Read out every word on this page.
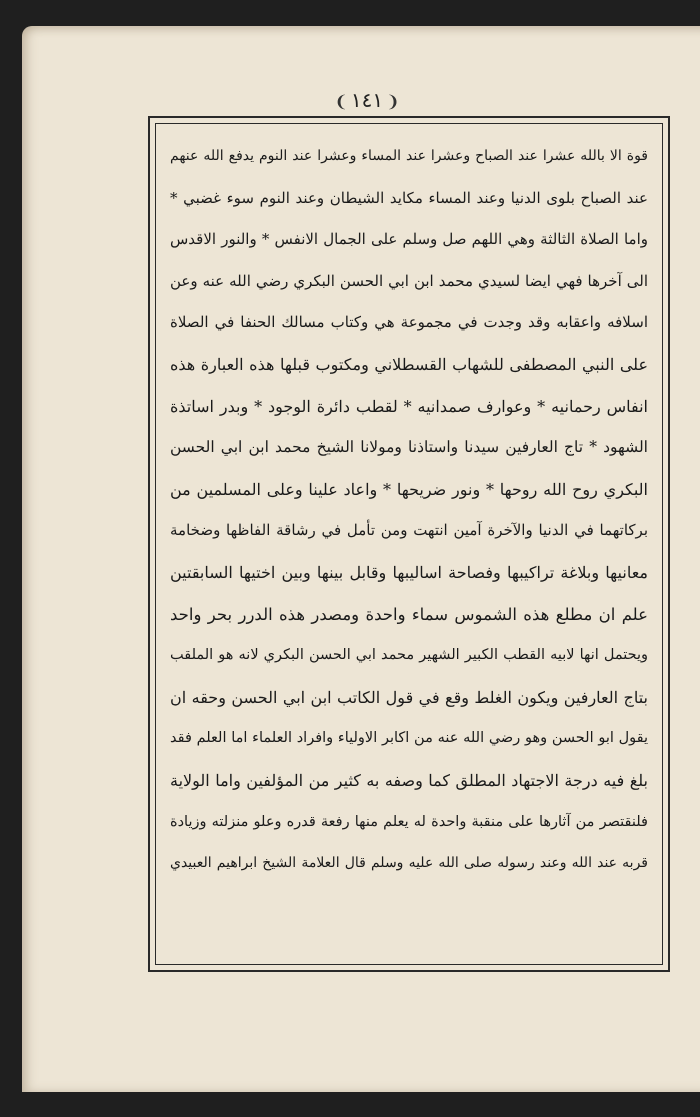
❨ ١٤١ ❩
قوة الا بالله عشرا عند الصباح وعشرا عند المساء وعشرا عند النوم يدفع الله عنهم
عند الصباح بلوى الدنيا وعند المساء مكايد الشيطان وعند النوم سوء غضبي *
واما الصلاة الثالثة وهي اللهم صل وسلم على الجمال الانفس * والنور الاقدس
الى آخرها فهي ايضا لسيدي محمد ابن ابي الحسن البكري رضي الله عنه وعن
اسلافه واعقابه وقد وجدت في مجموعة هي وكتاب مسالك الحنفا في الصلاة
على النبي المصطفى للشهاب القسطلاني ومكتوب قبلها هذه العبارة هذه
انفاس رحمانيه * وعوارف صمدانيه * لقطب دائرة الوجود * وبدر اساتذة
الشهود * تاج العارفين سيدنا واستاذنا ومولانا الشيخ محمد ابن ابي الحسن
البكري روح الله روحها * ونور ضريحها * واعاد علينا وعلى المسلمين من
بركاتهما في الدنيا والآخرة آمين انتهت ومن تأمل في رشاقة الفاظها وضخامة
معانيها وبلاغة تراكيبها وفصاحة اساليبها وقابل بينها وبين اختيها السابقتين
علم ان مطلع هذه الشموس سماء واحدة ومصدر هذه الدرر بحر واحد
ويحتمل انها لابيه القطب الكبير الشهير محمد ابي الحسن البكري لانه هو الملقب
بتاج العارفين ويكون الغلط وقع في قول الكاتب ابن ابي الحسن وحقه ان
يقول ابو الحسن وهو رضي الله عنه من اكابر الاولياء وافراد العلماء اما العلم فقد
بلغ فيه درجة الاجتهاد المطلق كما وصفه به كثير من المؤلفين واما الولاية
فلنقتصر من آثارها على منقبة واحدة له يعلم منها رفعة قدره وعلو منزلته وزيادة
قربه عند الله وعند رسوله صلى الله عليه وسلم قال العلامة الشيخ ابراهيم العبيدي
